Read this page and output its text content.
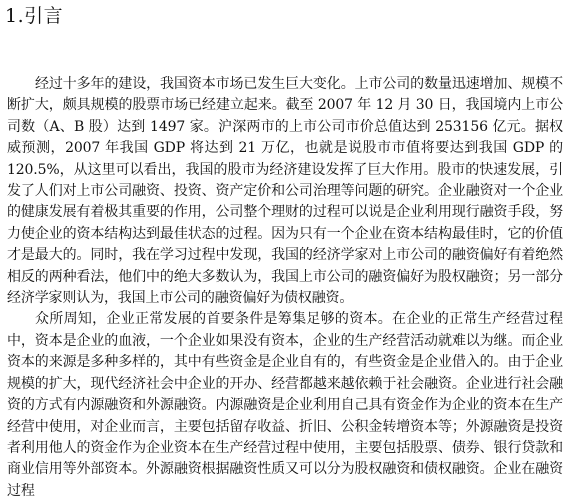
1.引言

经过十多年的建设，我国资本市场已发生巨大变化。上市公司的数量迅速增加、规模不断扩大，颇具规模的股票市场已经建立起来。截至 2007 年 12 月 30 日，我国境内上市公司数（A、B 股）达到 1497 家。沪深两市的上市公司市价总值达到 253156 亿元。据权威预测，2007 年我国 GDP 将达到 21 万亿，也就是说股市市值将要达到我国 GDP 的 120.5%，从这里可以看出，我国的股市为经济建设发挥了巨大作用。股市的快速发展，引发了人们对上市公司融资、投资、资产定价和公司治理等问题的研究。企业融资对一个企业的健康发展有着极其重要的作用，公司整个理财的过程可以说是企业利用现行融资手段，努力使企业的资本结构达到最佳状态的过程。因为只有一个企业在资本结构最佳时，它的价值才是最大的。同时，我在学习过程中发现，我国的经济学家对上市公司的融资偏好有着绝然相反的两种看法，他们中的绝大多数认为，我国上市公司的融资偏好为股权融资；另一部分经济学家则认为，我国上市公司的融资偏好为债权融资。

众所周知，企业正常发展的首要条件是筹集足够的资本。在企业的正常生产经营过程中，资本是企业的血液，一个企业如果没有资本，企业的生产经营活动就难以为继。而企业资本的来源是多种多样的，其中有些资金是企业自有的，有些资金是企业借入的。由于企业规模的扩大，现代经济社会中企业的开办、经营都越来越依赖于社会融资。企业进行社会融资的方式有内源融资和外源融资。内源融资是企业利用自己具有资金作为企业的资本在生产经营中使用，对企业而言，主要包括留存收益、折旧、公积金转增资本等；外源融资是投资者利用他人的资金作为企业资本在生产经营过程中使用，主要包括股票、债券、银行贷款和商业信用等外部资本。外源融资根据融资性质又可以分为股权融资和债权融资。企业在融资过程
